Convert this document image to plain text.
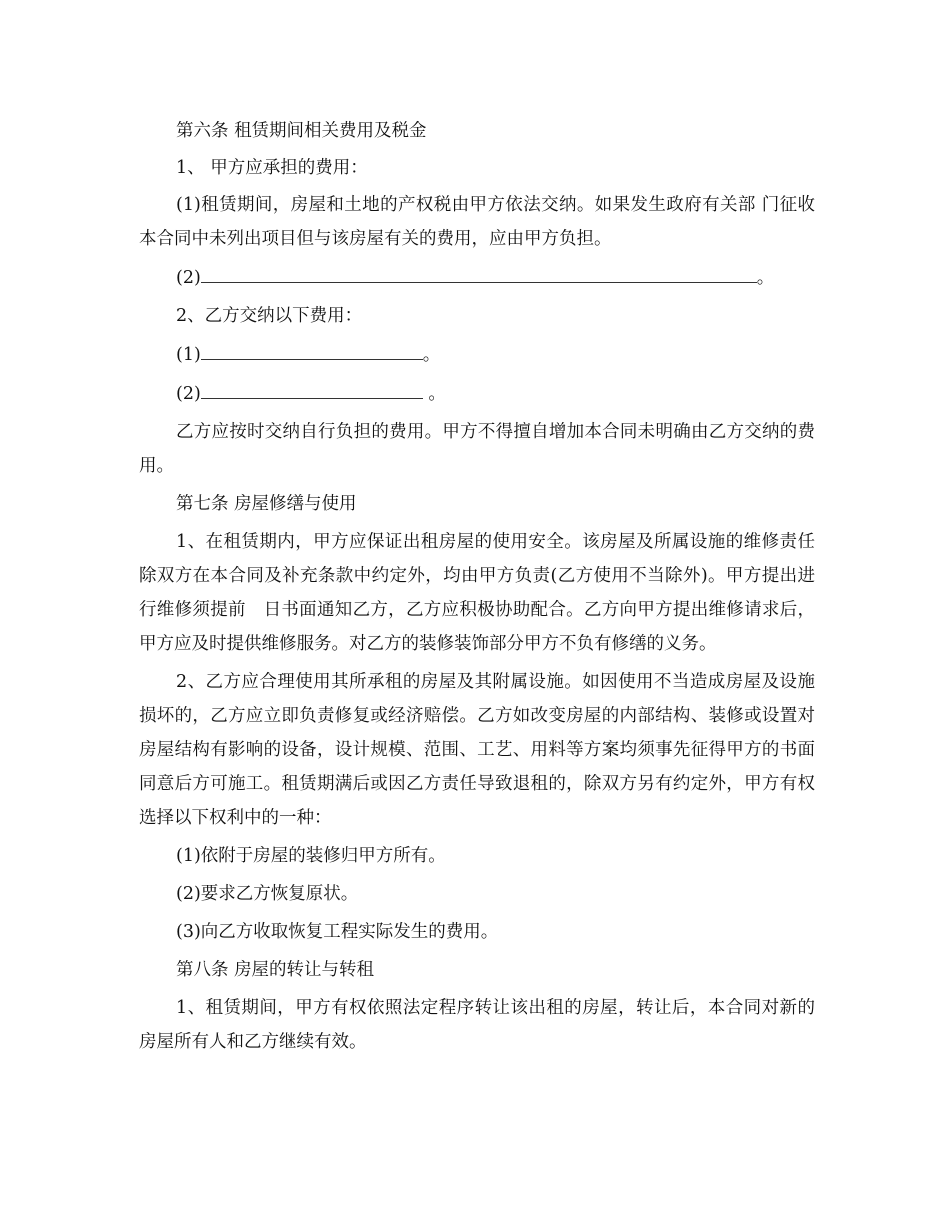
第六条 租赁期间相关费用及税金

1、 甲方应承担的费用：

(1)租赁期间，房屋和土地的产权税由甲方依法交纳。如果发生政府有关部 门征收本合同中未列出项目但与该房屋有关的费用，应由甲方负担。

(2)	。

2、乙方交纳以下费用：

(1)	。

(2)	。

乙方应按时交纳自行负担的费用。甲方不得擅自增加本合同未明确由乙方交纳的费用。

第七条 房屋修缮与使用

1、在租赁期内，甲方应保证出租房屋的使用安全。该房屋及所属设施的维修责任除双方在本合同及补充条款中约定外，均由甲方负责(乙方使用不当除外)。甲方提出进行维修须提前　日书面通知乙方，乙方应积极协助配合。乙方向甲方提出维修请求后，甲方应及时提供维修服务。对乙方的装修装饰部分甲方不负有修缮的义务。

2、乙方应合理使用其所承租的房屋及其附属设施。如因使用不当造成房屋及设施损坏的，乙方应立即负责修复或经济赔偿。乙方如改变房屋的内部结构、装修或设置对房屋结构有影响的设备，设计规模、范围、工艺、用料等方案均须事先征得甲方的书面同意后方可施工。租赁期满后或因乙方责任导致退租的，除双方另有约定外，甲方有权选择以下权利中的一种：

(1)依附于房屋的装修归甲方所有。

(2)要求乙方恢复原状。

(3)向乙方收取恢复工程实际发生的费用。

第八条 房屋的转让与转租

1、租赁期间，甲方有权依照法定程序转让该出租的房屋，转让后，本合同对新的房屋所有人和乙方继续有效。
